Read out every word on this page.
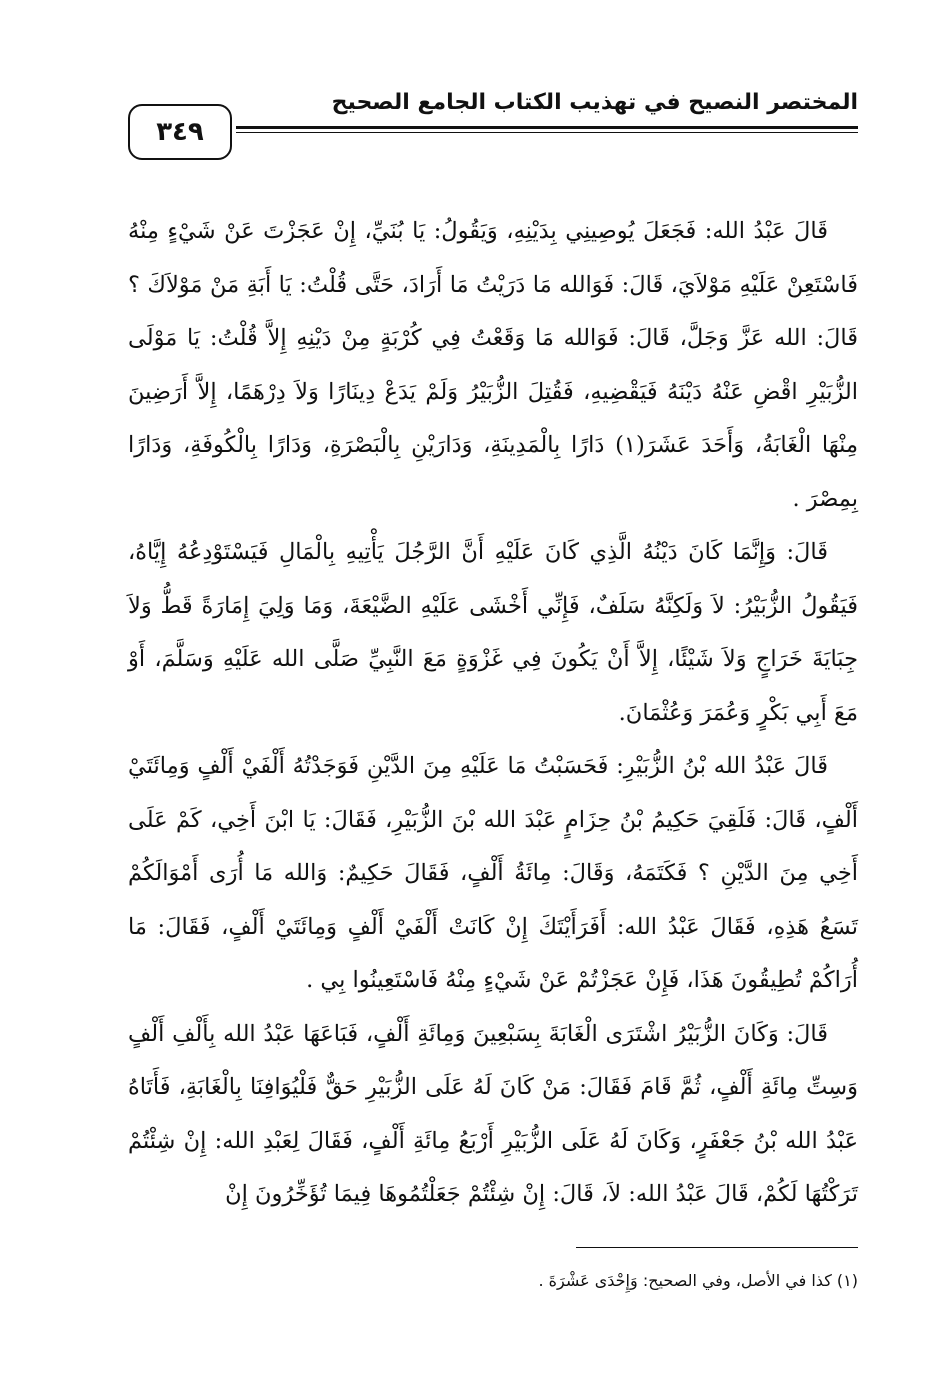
المختصر النصيح في تهذيب الكتاب الجامع الصحيح
٣٤٩

قَالَ عَبْدُ الله: فَجَعَلَ يُوصِينِي بِدَيْنِهِ، وَيَقُولُ: يَا بُنَيِّ، إِنْ عَجَزْتَ عَنْ شَيْءٍ مِنْهُ فَاسْتَعِنْ عَلَيْهِ مَوْلاَيَ، قَالَ: فَوَالله مَا دَرَيْتُ مَا أَرَادَ، حَتَّى قُلْتُ: يَا أَبَةِ مَنْ مَوْلاَكَ ؟ قَالَ: الله عَزَّ وَجَلَّ، قَالَ: فَوَالله مَا وَقَعْتُ فِي كُرْبَةٍ مِنْ دَيْنِهِ إِلاَّ قُلْتُ: يَا مَوْلَى الزُّبَيْرِ اقْضِ عَنْهُ دَيْنَهُ فَيَقْضِيهِ، فَقُتِلَ الزُّبَيْرُ وَلَمْ يَدَعْ دِينَارًا وَلاَ دِرْهَمًا، إِلاَّ أَرَضِينَ مِنْهَا الْغَابَةُ، وَأَحَدَ عَشَرَ(١) دَارًا بِالْمَدِينَةِ، وَدَارَيْنِ بِالْبَصْرَةِ، وَدَارًا بِالْكُوفَةِ، وَدَارًا بِمِصْرَ .

قَالَ: وَإِنَّمَا كَانَ دَيْنُهُ الَّذِي كَانَ عَلَيْهِ أَنَّ الرَّجُلَ يَأْتِيهِ بِالْمَالِ فَيَسْتَوْدِعُهُ إِيَّاهُ، فَيَقُولُ الزُّبَيْرُ: لاَ وَلَكِنَّهُ سَلَفٌ، فَإِنِّي أَخْشَى عَلَيْهِ الضَّيْعَةَ، وَمَا وَلِيَ إِمَارَةً قَطُّ وَلاَ جِبَايَةَ خَرَاجٍ وَلاَ شَيْئًا، إِلاَّ أَنْ يَكُونَ فِي غَزْوَةٍ مَعَ النَّبِيِّ صَلَّى الله عَلَيْهِ وَسَلَّمَ، أَوْ مَعَ أَبِي بَكْرٍ وَعُمَرَ وَعُثْمَانَ.

قَالَ عَبْدُ الله بْنُ الزُّبَيْرِ: فَحَسَبْتُ مَا عَلَيْهِ مِنَ الدَّيْنِ فَوَجَدْتُهُ أَلْفَيْ أَلْفٍ وَمِائَتَيْ أَلْفٍ، قَالَ: فَلَقِيَ حَكِيمُ بْنُ حِزَامٍ عَبْدَ الله بْنَ الزُّبَيْرِ، فَقَالَ: يَا ابْنَ أَخِي، كَمْ عَلَى أَخِي مِنَ الدَّيْنِ ؟ فَكَتَمَهُ، وَقَالَ: مِائَةُ أَلْفٍ، فَقَالَ حَكِيمٌ: وَالله مَا أُرَى أَمْوَالَكُمْ تَسَعُ هَذِهِ، فَقَالَ عَبْدُ الله: أَفَرَأَيْتَكَ إِنْ كَانَتْ أَلْفَيْ أَلْفٍ وَمِائَتَيْ أَلْفٍ، فَقَالَ: مَا أُرَاكُمْ تُطِيقُونَ هَذَا، فَإِنْ عَجَزْتُمْ عَنْ شَيْءٍ مِنْهُ فَاسْتَعِينُوا بِي .

قَالَ: وَكَانَ الزُّبَيْرُ اشْتَرَى الْغَابَةَ بِسَبْعِينَ وَمِائَةِ أَلْفٍ، فَبَاعَهَا عَبْدُ الله بِأَلْفِ أَلْفٍ وَسِتِّ مِائَةِ أَلْفٍ، ثُمَّ قَامَ فَقَالَ: مَنْ كَانَ لَهُ عَلَى الزُّبَيْرِ حَقٌّ فَلْيُوَافِنَا بِالْغَابَةِ، فَأَتَاهُ عَبْدُ الله بْنُ جَعْفَرٍ، وَكَانَ لَهُ عَلَى الزُّبَيْرِ أَرْبَعُ مِائَةِ أَلْفٍ، فَقَالَ لِعَبْدِ الله: إِنْ شِئْتُمْ تَرَكْتُهَا لَكُمْ، قَالَ عَبْدُ الله: لاَ، قَالَ: إِنْ شِئْتُمْ جَعَلْتُمُوهَا فِيمَا تُؤَخِّرُونَ إِنْ

(١) كذا في الأصل، وفي الصحيح: وَإِحْدَى عَشْرَةَ .
